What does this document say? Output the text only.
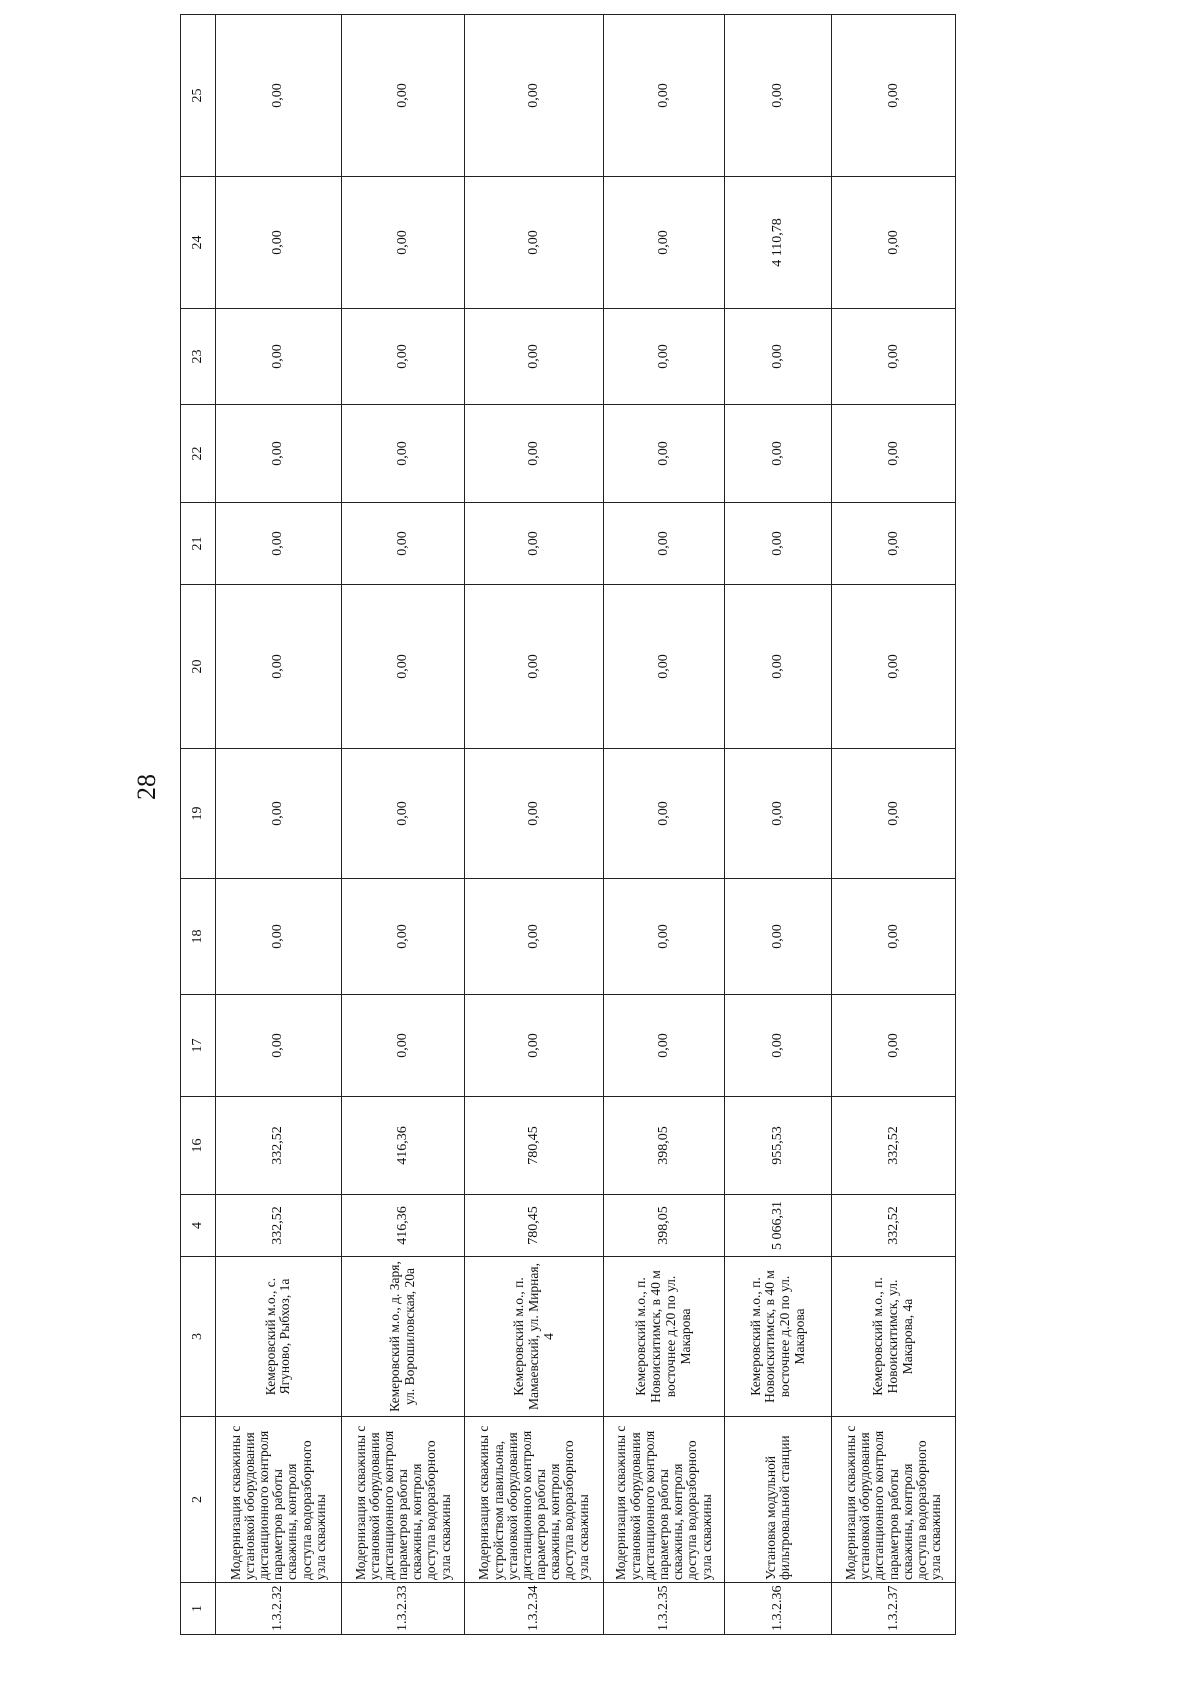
28
1	2	3	4	16	17	18	19	20	21	22	23	24	25
1.3.2.32	Модернизация скважины с установкой оборудования дистанционного контроля параметров работы скважины, контроля доступа водоразборного узла скважины	Кемеровский м.о., с. Ягуново, Рыбхоз, 1а	332,52	332,52	0,00	0,00	0,00	0,00	0,00	0,00	0,00	0,00	0,00
1.3.2.33	Модернизация скважины с установкой оборудования дистанционного контроля параметров работы скважины, контроля доступа водоразборного узла скважины	Кемеровский м.о., д. Заря, ул. Ворошиловская, 20а	416,36	416,36	0,00	0,00	0,00	0,00	0,00	0,00	0,00	0,00	0,00
1.3.2.34	Модернизация скважины с устройством павильона, установкой оборудования дистанционного контроля параметров работы скважины, контроля доступа водоразборного узла скважины	Кемеровский м.о., п. Мамаевский, ул. Мирная, 4	780,45	780,45	0,00	0,00	0,00	0,00	0,00	0,00	0,00	0,00	0,00
1.3.2.35	Модернизация скважины с установкой оборудования дистанционного контроля параметров работы скважины, контроля доступа водоразборного узла скважины	Кемеровский м.о., п. Новоискитимск, в 40 м восточнее д.20 по ул. Макарова	398,05	398,05	0,00	0,00	0,00	0,00	0,00	0,00	0,00	0,00	0,00
1.3.2.36	Установка модульной фильтровальной станции	Кемеровский м.о., п. Новоискитимск, в 40 м восточнее д.20 по ул. Макарова	5 066,31	955,53	0,00	0,00	0,00	0,00	0,00	0,00	0,00	4 110,78	0,00
1.3.2.37	Модернизация скважины с установкой оборудования дистанционного контроля параметров работы скважины, контроля доступа водоразборного узла скважины	Кемеровский м.о., п. Новоискитимск, ул. Макарова, 4а	332,52	332,52	0,00	0,00	0,00	0,00	0,00	0,00	0,00	0,00	0,00
